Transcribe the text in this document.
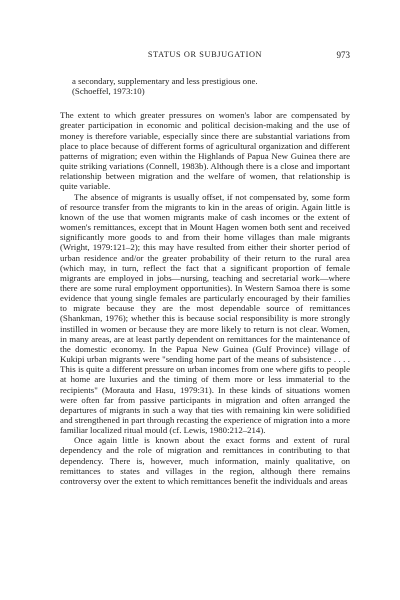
STATUS OR SUBJUGATION	973
a secondary, supplementary and less prestigious one.
(Schoeffel, 1973:10)

The extent to which greater pressures on women's labor are compensated by greater participation in economic and political decision-making and the use of money is therefore variable, especially since there are substantial variations from place to place because of different forms of agricultural organization and different patterns of migration; even within the Highlands of Papua New Guinea there are quite striking variations (Connell, 1983b). Although there is a close and important relationship between migration and the welfare of women, that relationship is quite variable.

The absence of migrants is usually offset, if not compensated by, some form of resource transfer from the migrants to kin in the areas of origin. Again little is known of the use that women migrants make of cash incomes or the extent of women's remittances, except that in Mount Hagen women both sent and received significantly more goods to and from their home villages than male migrants (Wright, 1979:121–2); this may have resulted from either their shorter period of urban residence and/or the greater probability of their return to the rural area (which may, in turn, reflect the fact that a significant proportion of female migrants are employed in jobs—nursing, teaching and secretarial work—where there are some rural employment opportunities). In Western Samoa there is some evidence that young single females are particularly encouraged by their families to migrate because they are the most dependable source of remittances (Shankman, 1976); whether this is because social responsibility is more strongly instilled in women or because they are more likely to return is not clear. Women, in many areas, are at least partly dependent on remittances for the maintenance of the domestic economy. In the Papua New Guinea (Gulf Province) village of Kukipi urban migrants were "sending home part of the means of subsistence . . . . This is quite a different pressure on urban incomes from one where gifts to people at home are luxuries and the timing of them more or less immaterial to the recipients" (Morauta and Hasu, 1979:31). In these kinds of situations women were often far from passive participants in migration and often arranged the departures of migrants in such a way that ties with remaining kin were solidified and strengthened in part through recasting the experience of migration into a more familiar localized ritual mould (cf. Lewis, 1980:212–214).

Once again little is known about the exact forms and extent of rural dependency and the role of migration and remittances in contributing to that dependency. There is, however, much information, mainly qualitative, on remittances to states and villages in the region, although there remains controversy over the extent to which remittances benefit the individuals and areas
